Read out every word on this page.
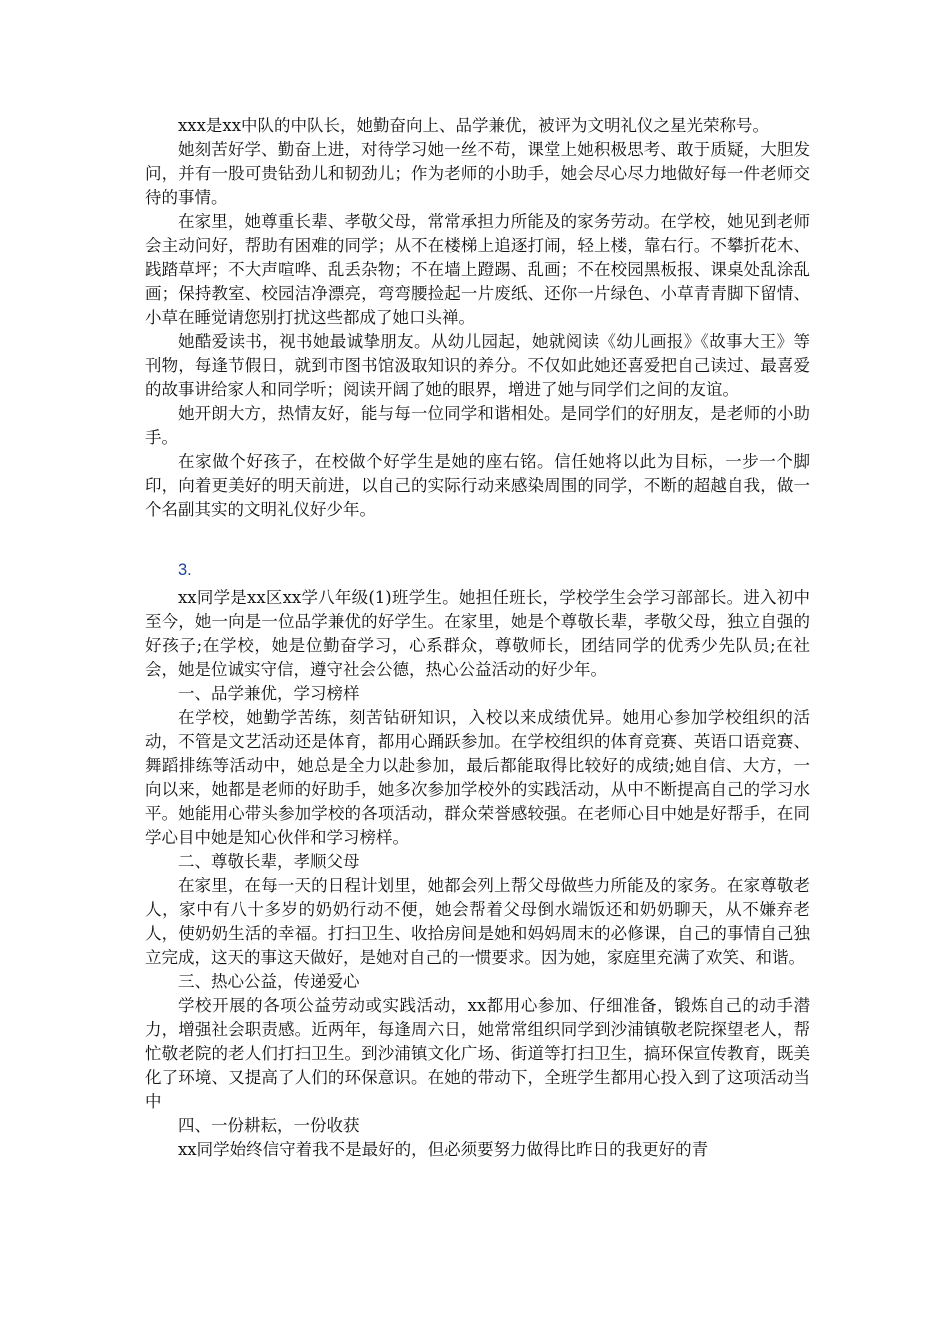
xxx是xx中队的中队长，她勤奋向上、品学兼优，被评为文明礼仪之星光荣称号。

她刻苦好学、勤奋上进，对待学习她一丝不苟，课堂上她积极思考、敢于质疑，大胆发问，并有一股可贵钻劲儿和韧劲儿；作为老师的小助手，她会尽心尽力地做好每一件老师交待的事情。

在家里，她尊重长辈、孝敬父母，常常承担力所能及的家务劳动。在学校，她见到老师会主动问好，帮助有困难的同学；从不在楼梯上追逐打闹，轻上楼，靠右行。不攀折花木、践踏草坪；不大声喧哗、乱丢杂物；不在墙上蹬踢、乱画；不在校园黑板报、课桌处乱涂乱画；保持教室、校园洁净漂亮，弯弯腰捡起一片废纸、还你一片绿色、小草青青脚下留情、小草在睡觉请您别打扰这些都成了她口头禅。

她酷爱读书，视书她最诚挚朋友。从幼儿园起，她就阅读《幼儿画报》《故事大王》等刊物，每逢节假日，就到市图书馆汲取知识的养分。不仅如此她还喜爱把自己读过、最喜爱的故事讲给家人和同学听；阅读开阔了她的眼界，增进了她与同学们之间的友谊。

她开朗大方，热情友好，能与每一位同学和谐相处。是同学们的好朋友，是老师的小助手。

在家做个好孩子，在校做个好学生是她的座右铭。信任她将以此为目标，一步一个脚印，向着更美好的明天前进，以自己的实际行动来感染周围的同学，不断的超越自我，做一个名副其实的文明礼仪好少年。

3.

xx同学是xx区xx学八年级(1)班学生。她担任班长，学校学生会学习部部长。进入初中至今，她一向是一位品学兼优的好学生。在家里，她是个尊敬长辈，孝敬父母，独立自强的好孩子;在学校，她是位勤奋学习，心系群众，尊敬师长，团结同学的优秀少先队员;在社会，她是位诚实守信，遵守社会公德，热心公益活动的好少年。

一、品学兼优，学习榜样

在学校，她勤学苦练，刻苦钻研知识，入校以来成绩优异。她用心参加学校组织的活动，不管是文艺活动还是体育，都用心踊跃参加。在学校组织的体育竞赛、英语口语竞赛、舞蹈排练等活动中，她总是全力以赴参加，最后都能取得比较好的成绩;她自信、大方，一向以来，她都是老师的好助手，她多次参加学校外的实践活动，从中不断提高自己的学习水平。她能用心带头参加学校的各项活动，群众荣誉感较强。在老师心目中她是好帮手，在同学心目中她是知心伙伴和学习榜样。

二、尊敬长辈，孝顺父母

在家里，在每一天的日程计划里，她都会列上帮父母做些力所能及的家务。在家尊敬老人，家中有八十多岁的奶奶行动不便，她会帮着父母倒水端饭还和奶奶聊天，从不嫌弃老人，使奶奶生活的幸福。打扫卫生、收拾房间是她和妈妈周末的必修课，自己的事情自己独立完成，这天的事这天做好，是她对自己的一惯要求。因为她，家庭里充满了欢笑、和谐。

三、热心公益，传递爱心

学校开展的各项公益劳动或实践活动，xx都用心参加、仔细准备，锻炼自己的动手潜力，增强社会职责感。近两年，每逢周六日，她常常组织同学到沙浦镇敬老院探望老人，帮忙敬老院的老人们打扫卫生。到沙浦镇文化广场、街道等打扫卫生，搞环保宣传教育，既美化了环境、又提高了人们的环保意识。在她的带动下，全班学生都用心投入到了这项活动当中

四、一份耕耘，一份收获

xx同学始终信守着我不是最好的，但必须要努力做得比昨日的我更好的青
